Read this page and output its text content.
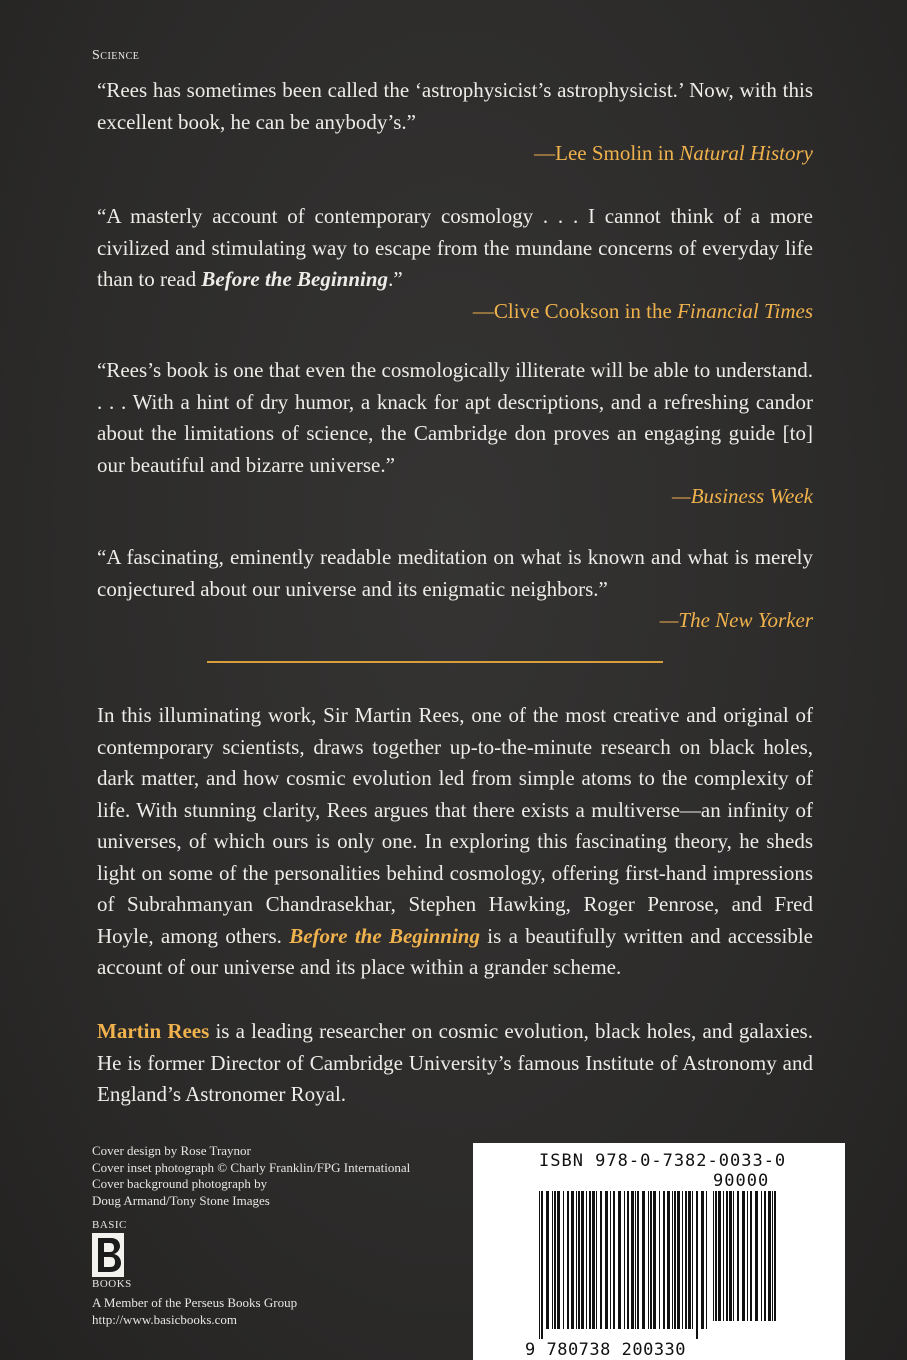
Science

“Rees has sometimes been called the ‘astrophysicist’s astrophysicist.’ Now, with this excellent book, he can be anybody’s.”
—Lee Smolin in Natural History

“A masterly account of contemporary cosmology . . . I cannot think of a more civilized and stimulating way to escape from the mundane concerns of everyday life than to read Before the Beginning.”
—Clive Cookson in the Financial Times

“Rees’s book is one that even the cosmologically illiterate will be able to understand. . . . With a hint of dry humor, a knack for apt descriptions, and a refreshing candor about the limitations of science, the Cambridge don proves an engaging guide [to] our beautiful and bizarre universe.”
—Business Week

“A fascinating, eminently readable meditation on what is known and what is merely conjectured about our universe and its enigmatic neighbors.”
—The New Yorker

In this illuminating work, Sir Martin Rees, one of the most creative and original of contemporary scientists, draws together up-to-the-minute research on black holes, dark matter, and how cosmic evolution led from simple atoms to the complexity of life. With stunning clarity, Rees argues that there exists a multiverse—an infinity of universes, of which ours is only one. In exploring this fascinating theory, he sheds light on some of the personalities behind cosmology, offering first-hand impressions of Subrahmanyan Chandrasekhar, Stephen Hawking, Roger Penrose, and Fred Hoyle, among others. Before the Beginning is a beautifully written and accessible account of our universe and its place within a grander scheme.

Martin Rees is a leading researcher on cosmic evolution, black holes, and galaxies. He is former Director of Cambridge University’s famous Institute of Astronomy and England’s Astronomer Royal.

Cover design by Rose Traynor
Cover inset photograph © Charly Franklin/FPG International
Cover background photograph by
Doug Armand/Tony Stone Images
BASIC
BOOKS
A Member of the Perseus Books Group
http://www.basicbooks.com
ISBN 978-0-7382-0033-0
90000
9 780738 200330
